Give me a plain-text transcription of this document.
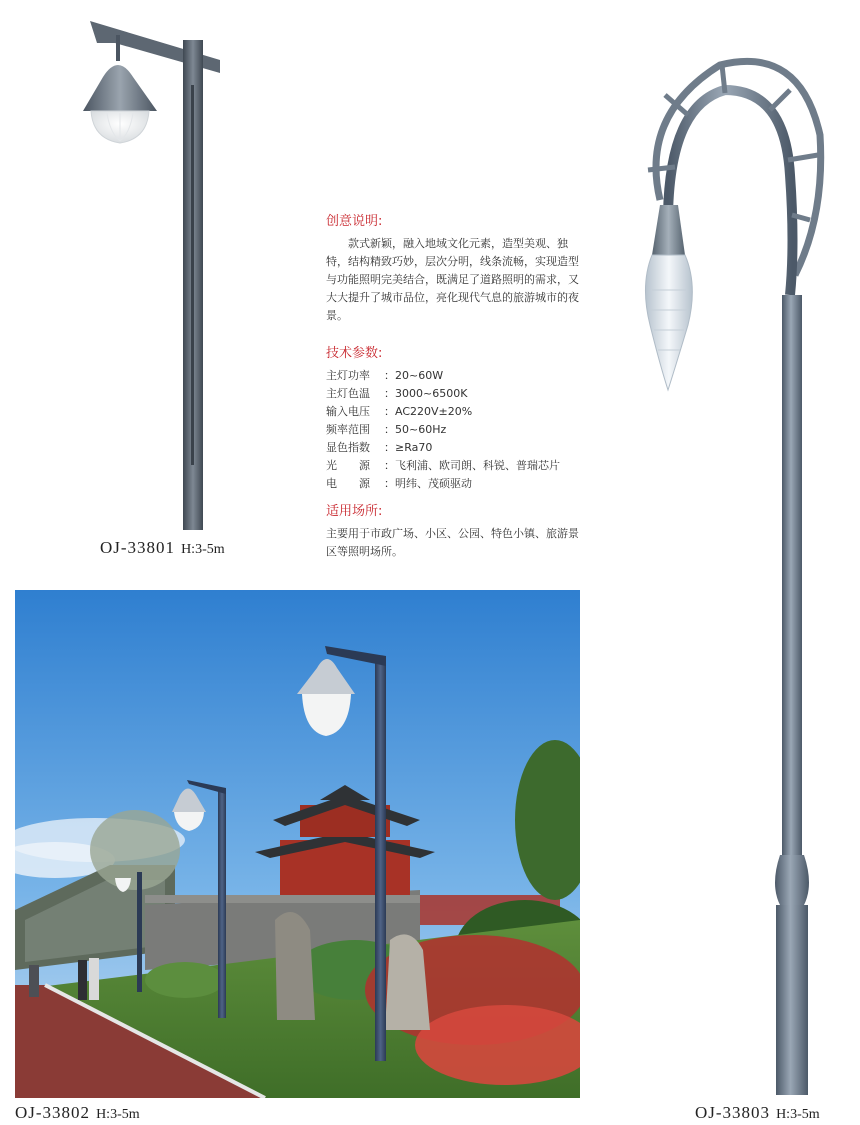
OJ-33801 H:3-5m
创意说明:

款式新颖，融入地域文化元素，造型美观、独特，结构精致巧妙，层次分明，线条流畅，实现造型与功能照明完美结合，既满足了道路照明的需求，又大大提升了城市品位，亮化现代气息的旅游城市的夜景。

技术参数:
主灯功率 ：20~60W
主灯色温 ：3000~6500K
输入电压 ：AC220V±20%
频率范围 ：50~60Hz
显色指数 ：≥Ra70
光　　源 ：飞利浦、欧司朗、科锐、普瑞芯片
电　　源 ：明纬、茂硕驱动
适用场所:

主要用于市政广场、小区、公园、特色小镇、旅游景区等照明场所。

OJ-33802 H:3-5m	OJ-33803 H:3-5m
